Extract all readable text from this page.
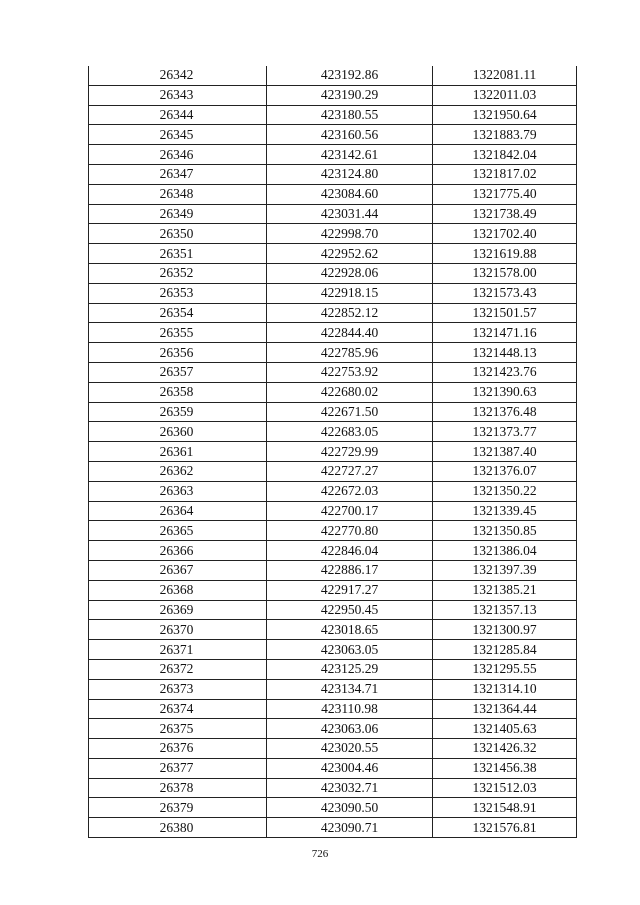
26342	423192.86	1322081.11
26343	423190.29	1322011.03
26344	423180.55	1321950.64
26345	423160.56	1321883.79
26346	423142.61	1321842.04
26347	423124.80	1321817.02
26348	423084.60	1321775.40
26349	423031.44	1321738.49
26350	422998.70	1321702.40
26351	422952.62	1321619.88
26352	422928.06	1321578.00
26353	422918.15	1321573.43
26354	422852.12	1321501.57
26355	422844.40	1321471.16
26356	422785.96	1321448.13
26357	422753.92	1321423.76
26358	422680.02	1321390.63
26359	422671.50	1321376.48
26360	422683.05	1321373.77
26361	422729.99	1321387.40
26362	422727.27	1321376.07
26363	422672.03	1321350.22
26364	422700.17	1321339.45
26365	422770.80	1321350.85
26366	422846.04	1321386.04
26367	422886.17	1321397.39
26368	422917.27	1321385.21
26369	422950.45	1321357.13
26370	423018.65	1321300.97
26371	423063.05	1321285.84
26372	423125.29	1321295.55
26373	423134.71	1321314.10
26374	423110.98	1321364.44
26375	423063.06	1321405.63
26376	423020.55	1321426.32
26377	423004.46	1321456.38
26378	423032.71	1321512.03
26379	423090.50	1321548.91
26380	423090.71	1321576.81
726
